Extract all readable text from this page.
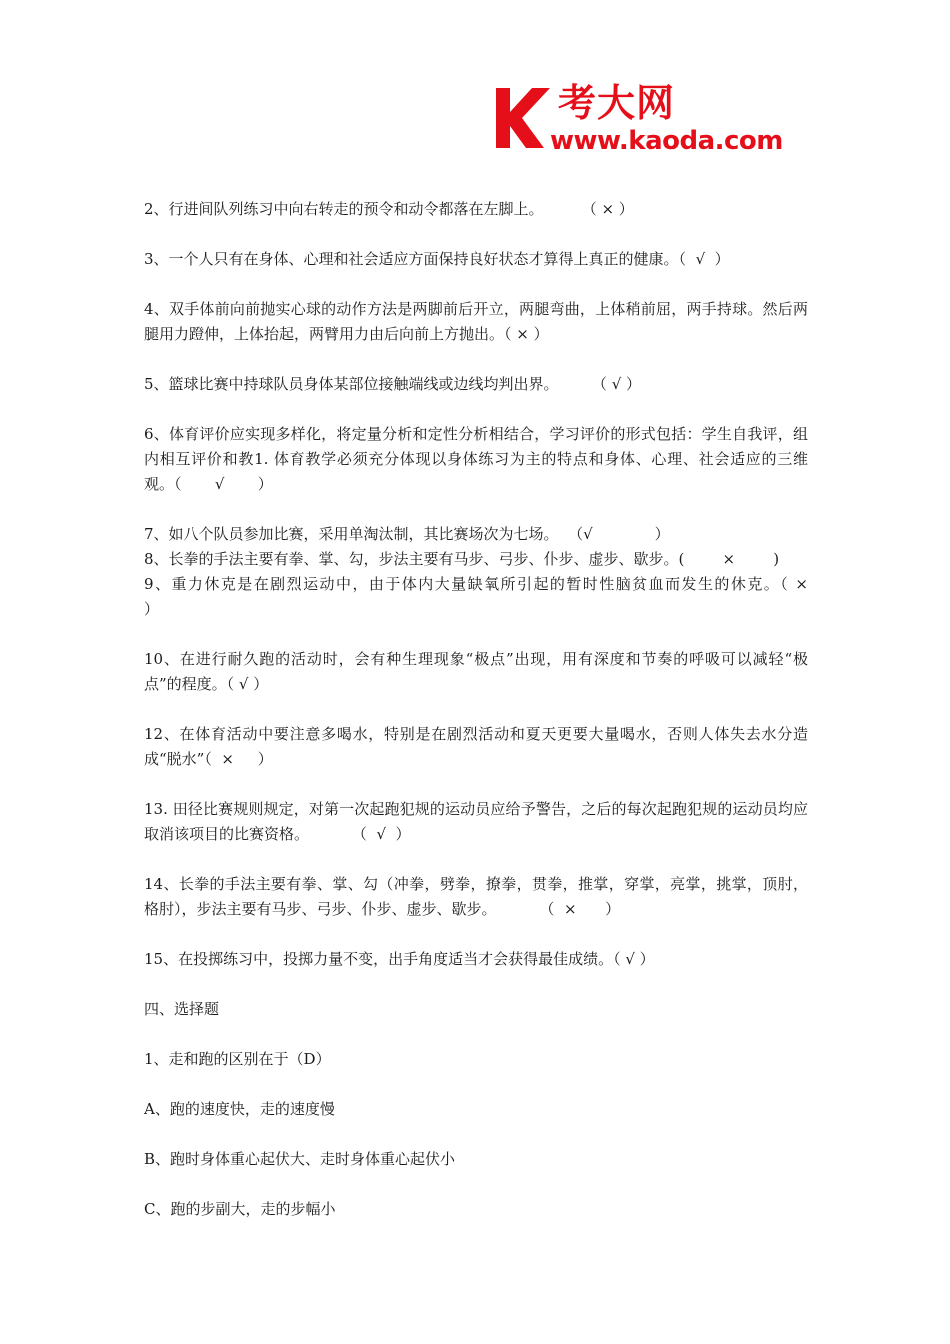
考大网
www.kaoda.com

2、行进间队列练习中向右转走的预令和动令都落在左脚上。        （ × ）

3、一个人只有在身体、心理和社会适应方面保持良好状态才算得上真正的健康。（  √  ）

4、双手体前向前抛实心球的动作方法是两脚前后开立，两腿弯曲，上体稍前屈，两手持球。然后两腿用力蹬伸，上体抬起，两臂用力由后向前上方抛出。（ × ）

5、篮球比赛中持球队员身体某部位接触端线或边线均判出界。       （ √ ）

6、体育评价应实现多样化，将定量分析和定性分析相结合，学习评价的形式包括：学生自我评，组内相互评价和教1. 体育教学必须充分体现以身体练习为主的特点和身体、心理、社会适应的三维观。（       √       ）

7、如八个队员参加比赛，采用单淘汰制，其比赛场次为七场。  （√             ）

8、长拳的手法主要有拳、掌、勾，步法主要有马步、弓步、仆步、虚步、歇步。(        ×        )

9、重力休克是在剧烈运动中，由于体内大量缺氧所引起的暂时性脑贫血而发生的休克。（ ×            ）

10、在进行耐久跑的活动时，会有种生理现象“极点”出现，用有深度和节奏的呼吸可以减轻“极点”的程度。（ √ ）

12、在体育活动中要注意多喝水，特别是在剧烈活动和夏天更要大量喝水，否则人体失去水分造成“脱水”（  ×     ）

13. 田径比赛规则规定，对第一次起跑犯规的运动员应给予警告，之后的每次起跑犯规的运动员均应取消该项目的比赛资格。         （  √  ）

14、长拳的手法主要有拳、掌、勾（冲拳，劈拳，撩拳，贯拳，推掌，穿掌，亮掌，挑掌，顶肘，格肘），步法主要有马步、弓步、仆步、虚步、歇步。         （  ×      ）

15、在投掷练习中，投掷力量不变，出手角度适当才会获得最佳成绩。（ √ ）

四、选择题

1、走和跑的区别在于（D）

A、跑的速度快，走的速度慢

B、跑时身体重心起伏大、走时身体重心起伏小

C、跑的步副大，走的步幅小
